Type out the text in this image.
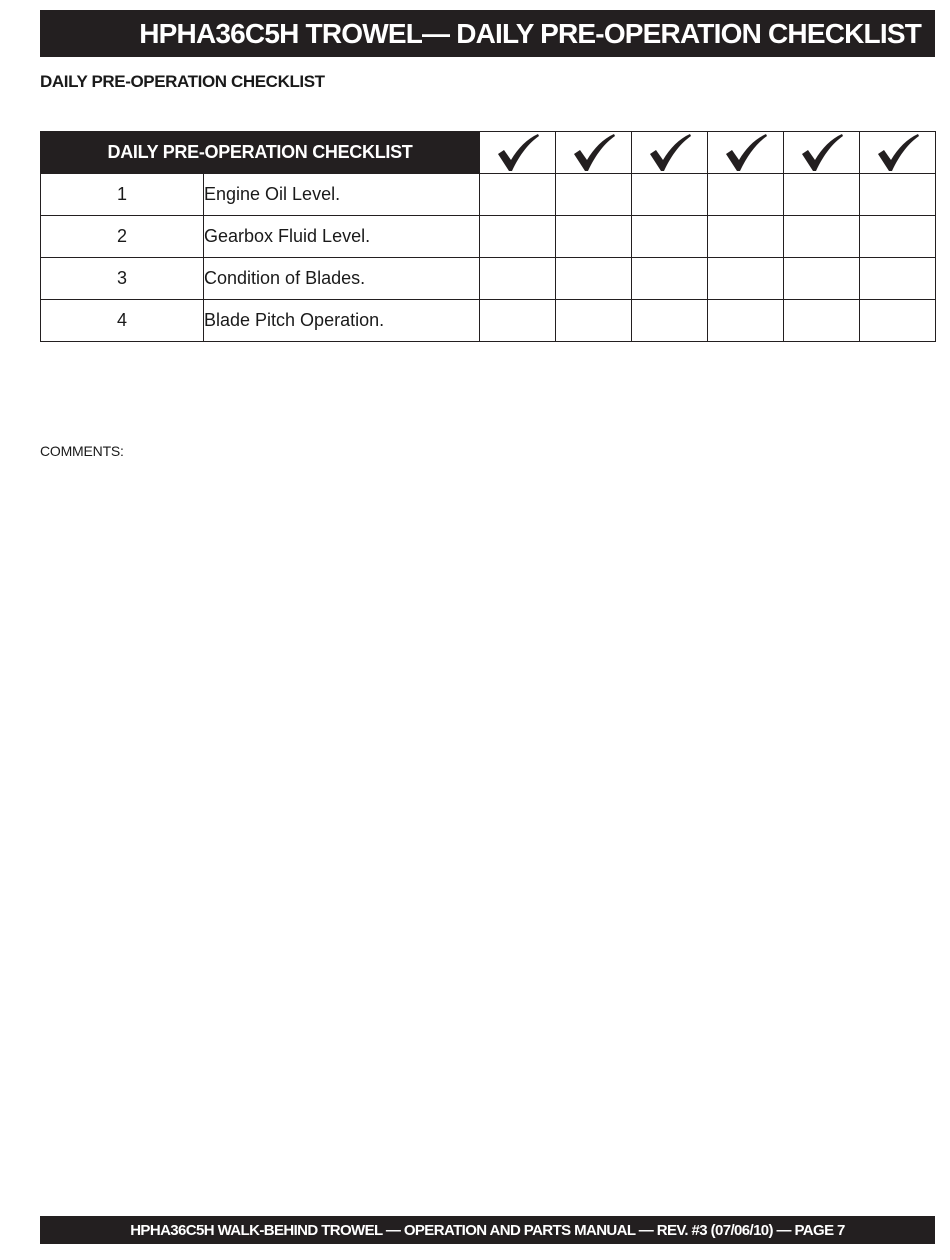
HPHA36C5H TROWEL— DAILY PRE-OPERATION CHECKLIST
DAILY PRE-OPERATION CHECKLIST
DAILY PRE-OPERATION CHECKLIST	

1	Engine Oil Level.						
2	Gearbox Fluid Level.						
3	Condition of Blades.						
4	Blade Pitch Operation.						
COMMENTS:
HPHA36C5H WALK-BEHIND TROWEL — OPERATION AND PARTS MANUAL — REV. #3 (07/06/10) — PAGE 7
